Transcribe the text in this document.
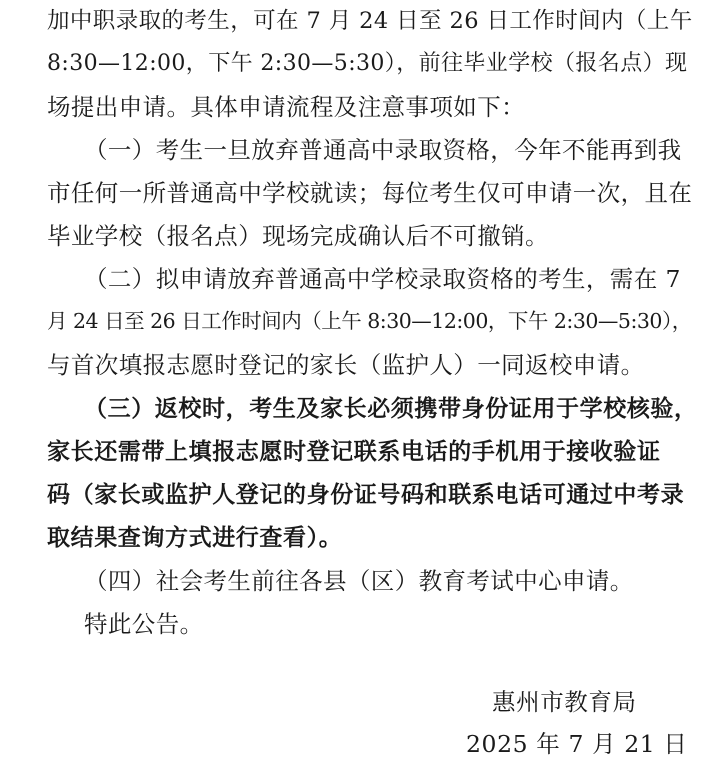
加中职录取的考生，可在 7 月 24 日至 26 日工作时间内（上午
8:30—12:00，下午 2:30—5:30），前往毕业学校（报名点）现
场提出申请。具体申请流程及注意事项如下：
（一）考生一旦放弃普通高中录取资格，今年不能再到我
市任何一所普通高中学校就读；每位考生仅可申请一次，且在
毕业学校（报名点）现场完成确认后不可撤销。
（二）拟申请放弃普通高中学校录取资格的考生，需在 7
月 24 日至 26 日工作时间内（上午 8:30—12:00，下午 2:30—5:30），
与首次填报志愿时登记的家长（监护人）一同返校申请。
（三）返校时，考生及家长必须携带身份证用于学校核验，
家长还需带上填报志愿时登记联系电话的手机用于接收验证
码（家长或监护人登记的身份证号码和联系电话可通过中考录
取结果查询方式进行查看）。
（四）社会考生前往各县（区）教育考试中心申请。
特此公告。
惠州市教育局
2025 年 7 月 21 日
